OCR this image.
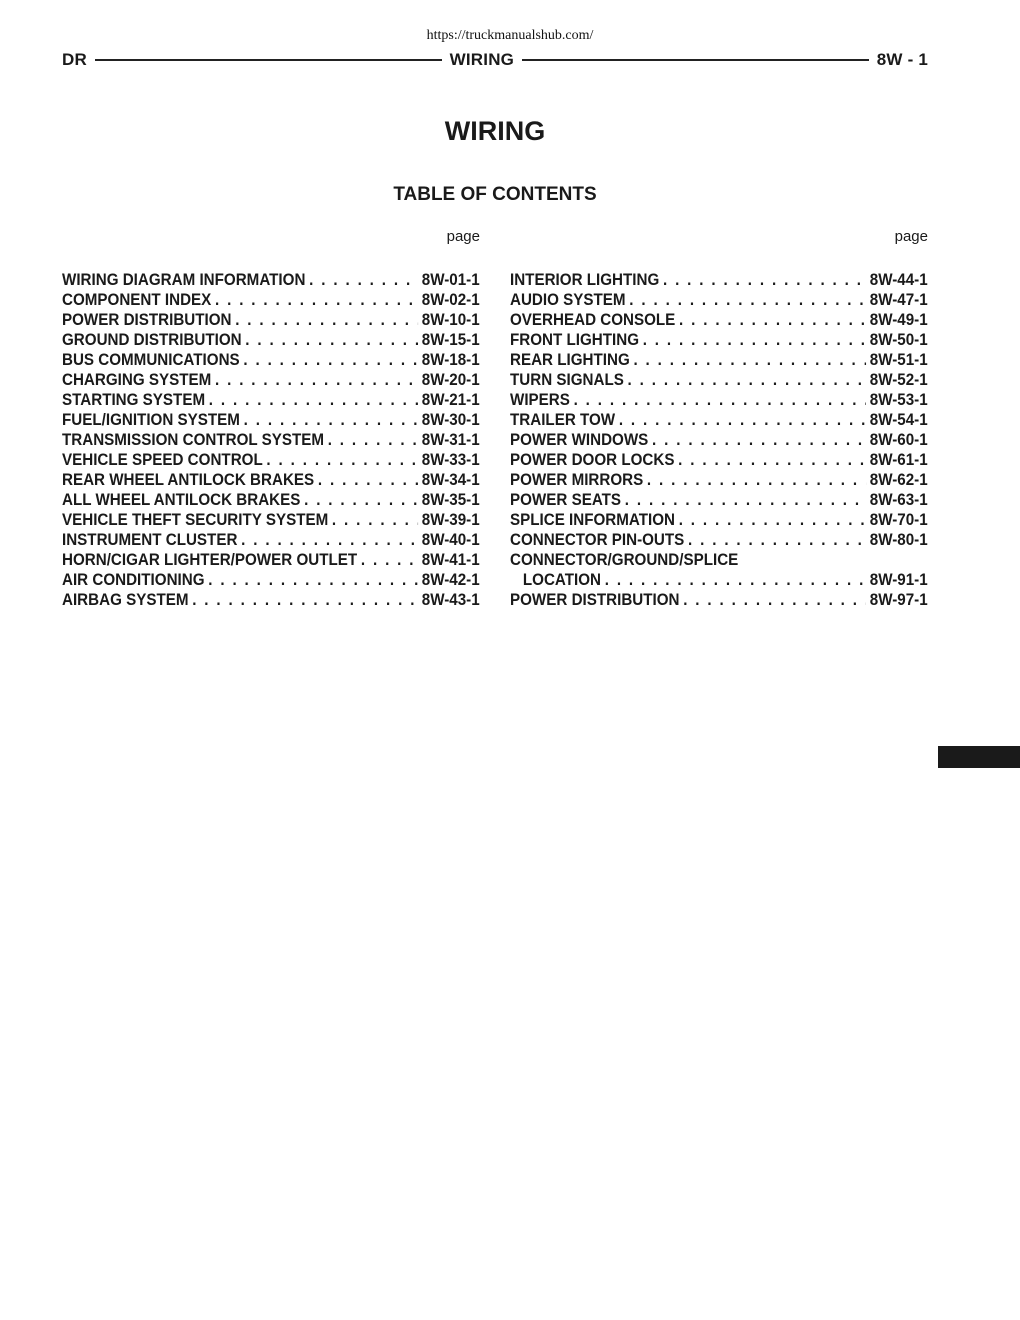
https://truckmanualshub.com/
DR	WIRING	8W - 1
WIRING
TABLE OF CONTENTS
page
WIRING DIAGRAM INFORMATION . . .	8W-01-1
COMPONENT INDEX . . .	8W-02-1
POWER DISTRIBUTION . . .	8W-10-1
GROUND DISTRIBUTION . . .	8W-15-1
BUS COMMUNICATIONS . . .	8W-18-1
CHARGING SYSTEM . . .	8W-20-1
STARTING SYSTEM . . .	8W-21-1
FUEL/IGNITION SYSTEM . . .	8W-30-1
TRANSMISSION CONTROL SYSTEM . . .	8W-31-1
VEHICLE SPEED CONTROL . . .	8W-33-1
REAR WHEEL ANTILOCK BRAKES . . .	8W-34-1
ALL WHEEL ANTILOCK BRAKES . . .	8W-35-1
VEHICLE THEFT SECURITY SYSTEM . . .	8W-39-1
INSTRUMENT CLUSTER . . .	8W-40-1
HORN/CIGAR LIGHTER/POWER OUTLET . . .	8W-41-1
AIR CONDITIONING . . .	8W-42-1
AIRBAG SYSTEM . . .	8W-43-1
page
INTERIOR LIGHTING . . .	8W-44-1
AUDIO SYSTEM . . .	8W-47-1
OVERHEAD CONSOLE . . .	8W-49-1
FRONT LIGHTING . . .	8W-50-1
REAR LIGHTING . . .	8W-51-1
TURN SIGNALS . . .	8W-52-1
WIPERS . . .	8W-53-1
TRAILER TOW . . .	8W-54-1
POWER WINDOWS . . .	8W-60-1
POWER DOOR LOCKS . . .	8W-61-1
POWER MIRRORS . . .	8W-62-1
POWER SEATS . . .	8W-63-1
SPLICE INFORMATION . . .	8W-70-1
CONNECTOR PIN-OUTS . . .	8W-80-1
CONNECTOR/GROUND/SPLICE
LOCATION . . .	8W-91-1
POWER DISTRIBUTION . . .	8W-97-1
